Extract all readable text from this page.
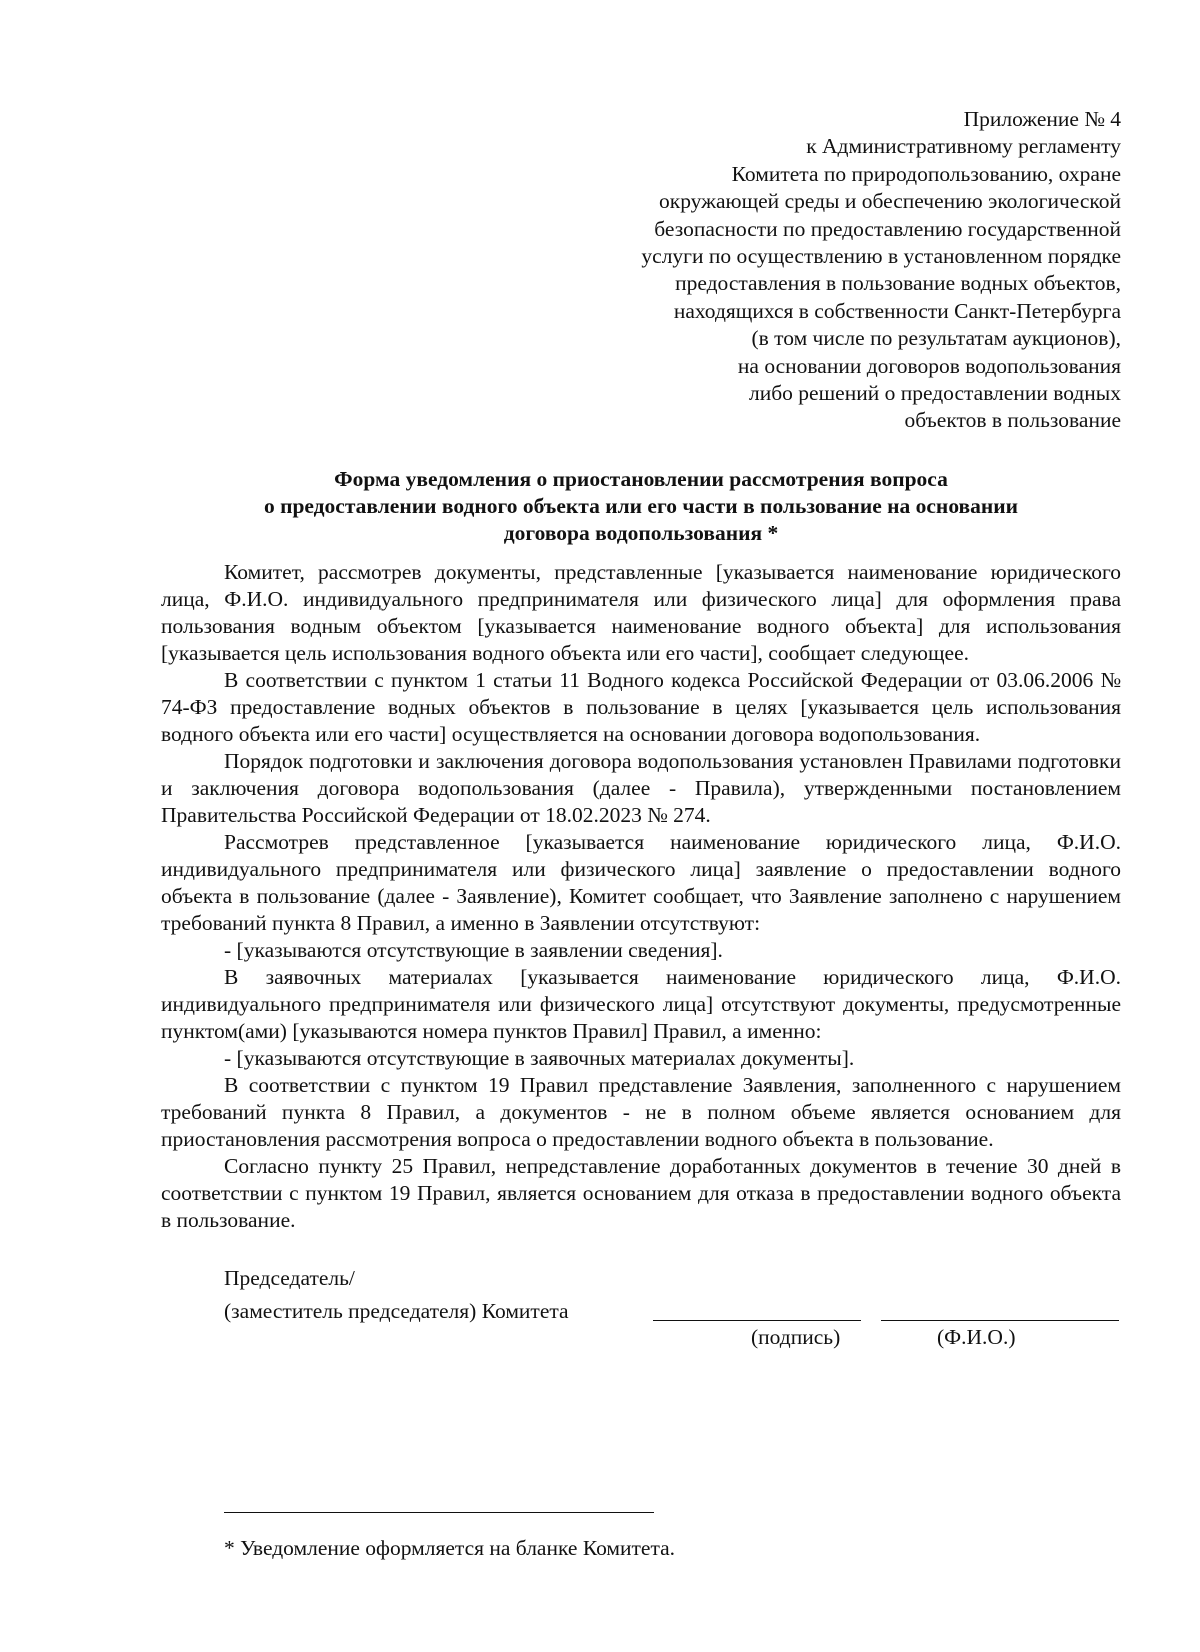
Приложение № 4
к Административному регламенту
Комитета по природопользованию, охране
окружающей среды и обеспечению экологической
безопасности по предоставлению государственной
услуги по осуществлению в установленном порядке
предоставления в пользование водных объектов,
находящихся в собственности Санкт-Петербурга
(в том числе по результатам аукционов),
на основании договоров водопользования
либо решений о предоставлении водных
объектов в пользование
Форма уведомления о приостановлении рассмотрения вопроса
о предоставлении водного объекта или его части в пользование на основании
договора водопользования *

Комитет, рассмотрев документы, представленные [указывается наименование юридического лица, Ф.И.О. индивидуального предпринимателя или физического лица] для оформления права пользования водным объектом [указывается наименование водного объекта] для использования [указывается цель использования водного объекта или его части], сообщает следующее.

В соответствии с пунктом 1 статьи 11 Водного кодекса Российской Федерации от 03.06.2006 № 74-ФЗ предоставление водных объектов в пользование в целях [указывается цель использования водного объекта или его части] осуществляется на основании договора водопользования.

Порядок подготовки и заключения договора водопользования установлен Правилами подготовки и заключения договора водопользования (далее - Правила), утвержденными постановлением Правительства Российской Федерации от 18.02.2023 № 274.

Рассмотрев представленное [указывается наименование юридического лица, Ф.И.О. индивидуального предпринимателя или физического лица] заявление о предоставлении водного объекта в пользование (далее - Заявление), Комитет сообщает, что Заявление заполнено с нарушением требований пункта 8 Правил, а именно в Заявлении отсутствуют:

- [указываются отсутствующие в заявлении сведения].

В заявочных материалах [указывается наименование юридического лица, Ф.И.О. индивидуального предпринимателя или физического лица] отсутствуют документы, предусмотренные пунктом(ами) [указываются номера пунктов Правил] Правил, а именно:

- [указываются отсутствующие в заявочных материалах документы].

В соответствии с пунктом 19 Правил представление Заявления, заполненного с нарушением требований пункта 8 Правил, а документов - не в полном объеме является основанием для приостановления рассмотрения вопроса о предоставлении водного объекта в пользование.

Согласно пункту 25 Правил, непредставление доработанных документов в течение 30 дней в соответствии с пунктом 19 Правил, является основанием для отказа в предоставлении водного объекта в пользование.

Председатель/
(заместитель председателя) Комитета
(подпись)	(Ф.И.О.)
* Уведомление оформляется на бланке Комитета.
